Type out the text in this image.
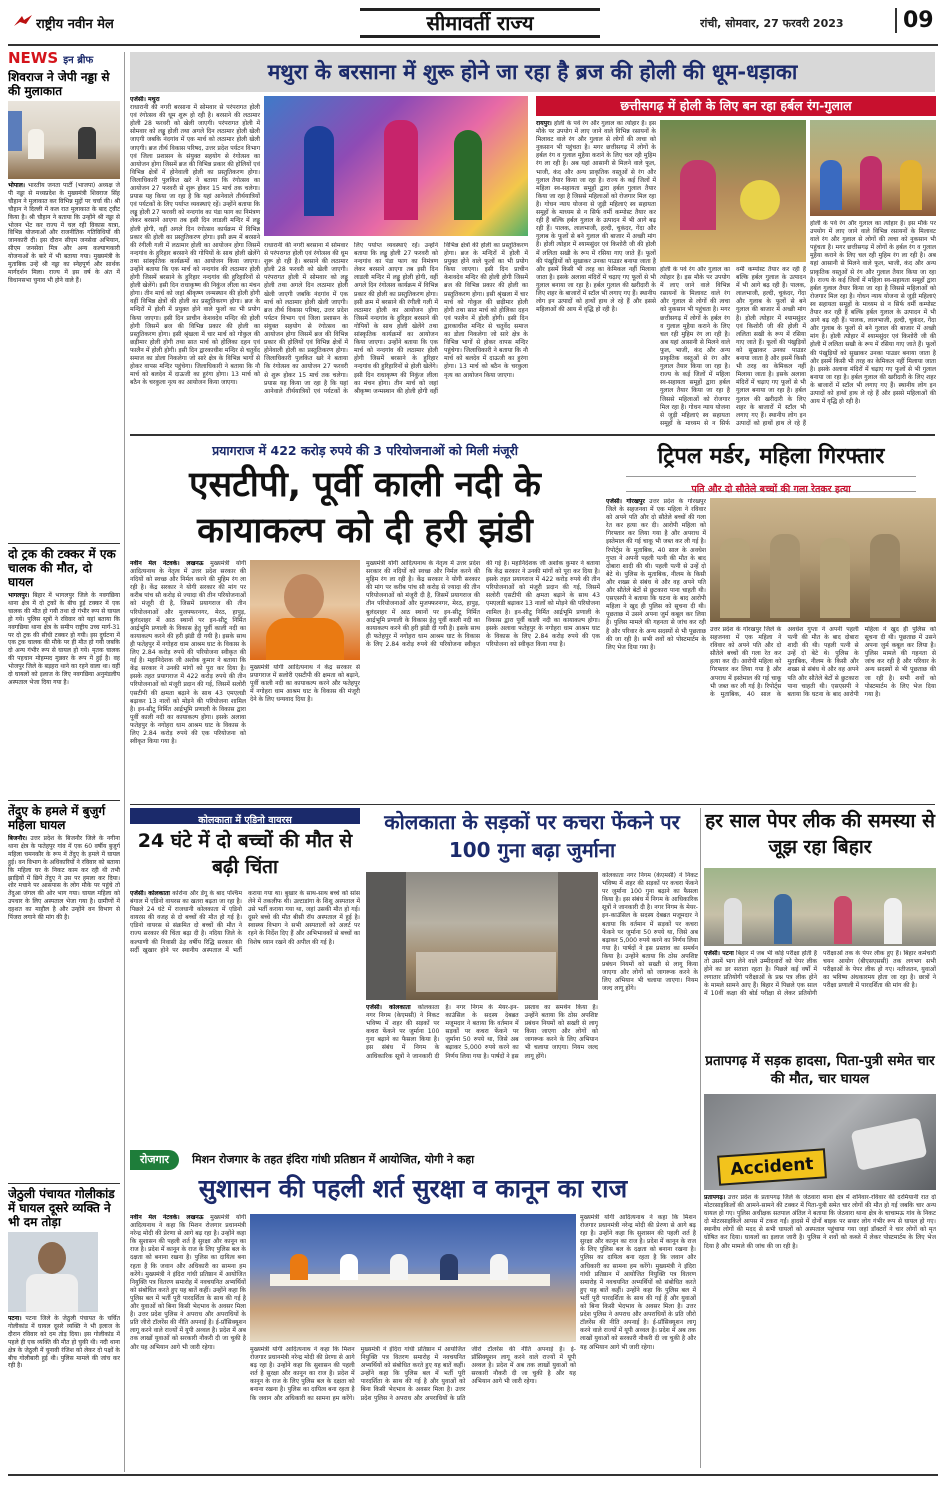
राष्ट्रीय नवीन मेल	सीमावर्ती राज्य	रांची, सोमवार, 27 फरवरी 2023	09
NEWS इन ब्रीफ
शिवराज ने जेपी नड्डा से की मुलाकात
भोपाल। भारतीय जनता पार्टी (भाजपा) अध्यक्ष जे पी नड्डा से मध्यप्रदेश के मुख्यमंत्री शिवराज सिंह चौहान ने मुलाकात कर विभिन्न मुद्दों पर चर्चा की। श्री चौहान ने दिल्ली में कल रात मुलाकात के बाद ट्वीट किया है। श्री चौहान ने बताया कि उन्होंने श्री नड्डा से भोजन भेंट कर राज्य में चल रही विकास यात्रा, विभिन्न योजनाओं और राजनीतिक गतिविधियों की जानकारी दी। इस दौरान सीएम जनसेवा अभियान, सीएम जनसेवा मित्र और अन्य कल्याणकारी योजनाओं के बारे में भी बताया गया। मुख्यमंत्री के मुताबिक उन्हें श्री नड्डा का स्नेहपूर्ण और सार्थक मार्गदर्शन मिला। राज्य में इस वर्ष के अंत में विधानसभा चुनाव भी होने वाले हैं।
दो ट्रक की टक्कर में एक चालक की मौत, दो घायल
भागलपुर। बिहार में भागलपुर जिले के नवगछिया थाना क्षेत्र में दो ट्रकों के बीच हुई टक्कर में एक चालक की मौत हो गयी तथा दो गंभीर रूप से घायल हो गये। पुलिस सूत्रों ने रविवार को यहां बताया कि नवगछिया थाना क्षेत्र के समीप राष्ट्रीय उच्च मार्ग-31 पर दो ट्रक की सीधी टक्कर हो गयी। इस दुर्घटना में एक ट्रक चालक की मौके पर ही मौत हो गयी जबकि दो अन्य गंभीर रूप से घायल हो गये। मृतक चालक की पहचान मोहम्मद मुन्नवर के रूप में हुई है। वह भोजपुर जिले के बड़हरा थाने का रहने वाला था। वहीं दो घायलों को इलाज के लिए नवगछिया अनुमंडलीय अस्पताल भेजा दिया गया है।
तेंदुए के हमले में बुजुर्ग महिला घायल
बिजनौर। उत्तर प्रदेश के बिजनौर जिले के नगीना थाना क्षेत्र के फतेहपुर गांव में एक 60 वर्षीय बुजुर्ग महिला चमनकौर के रूप में तेंदुए के हमले में घायल हुई। वन विभाग के अधिकारियों ने रविवार को बताया कि महिला घर के निकट काम कर रही थी तभी झाड़ियों में छिपे तेंदुए ने उस पर हमला कर दिया। शोर मचाने पर आसपास के लोग मौके पर पहुंचे तो तेंदुआ जंगल की ओर भाग गया। घायल महिला को उपचार के लिए अस्पताल भेजा गया है। ग्रामीणों में दहशत का माहौल है और उन्होंने वन विभाग से पिंजरा लगाने की मांग की है।
जेठुली पंचायत गोलीकांड में घायल दूसरे व्यक्ति ने भी दम तोड़ा
पटना। पटना जिले के जेठुली पंचायत के चर्चित गोलीकांड में घायल दूसरे व्यक्ति ने भी इलाज के दौरान रविवार को दम तोड़ दिया। इस गोलीकांड में पहले ही एक व्यक्ति की मौत हो चुकी थी। नदी थाना क्षेत्र के जेठुली में चुनावी रंजिश को लेकर दो पक्षों के बीच गोलीबारी हुई थी। पुलिस मामले की जांच कर रही है।
मथुरा के बरसाना में शुरू होने जा रहा है ब्रज की होली की धूम-धड़ाका
एजेंसी। मथुरा
राधारानी की नगरी बरसाना में सोमवार से परंपरागत होली एवं रंगोत्सव की धूम शुरू हो रही है। बरसाने की लठामार होली 28 फरवरी को खेली जाएगी। परंपरागत होली में सोमवार को लड्डू होली तथा अगले दिन लठामार होली खेली जाएगी जबकि नंदगांव में एक मार्च को लठामार होली खेली जाएगी। ब्रज तीर्थ विकास परिषद, उत्तर प्रदेश पर्यटन विभाग एवं जिला प्रशासन के संयुक्त सहयोग से रंगोत्सव का आयोजन होगा जिसमें ब्रज की विभिन्न प्रकार की होलियों एवं विभिन्न क्षेत्रों में होनेवाली होली का प्रस्तुतिकरण होगा। जिलाधिकारी पुलकित खरे ने बताया कि रंगोत्सव का आयोजन 27 फरवरी से शुरू होकर 15 मार्च तक चलेगा। प्रयास यह किया जा रहा है कि यहां आनेवाले तीर्थयात्रियों एवं पर्यटकों के लिए पर्याप्त व्यवस्थाएं रहें। उन्होंने बताया कि लड्डू होली 27 फरवरी को नन्दगांव का पंडा फाग का निमंत्रण लेकर बरसाने आएगा तब इसी दिन लाडली मन्दिर में लड्डू होली होगी, वहीं अगले दिन रंगोत्सव कार्यक्रम में विभिन्न प्रकार की होली का प्रस्तुतिकरण होगा। इसी क्रम में बरसाने की रंगीली गली में लठामार होली का आयोजन होगा जिसमें नन्दगांव के हुरिहार बरसाने की गोपियों के साथ होली खेलेंगे तथा सांस्कृतिक कार्यक्रमों का आयोजन किया जाएगा। उन्होंने बताया कि एक मार्च को नन्दगांव की लठामार होली होगी जिसमें बरसाने के हुरिहार नन्दगांव की हुरिहारिनों से होली खेलेंगे। इसी दिन राधाकृष्ण की निकुंज लीला का मंचन होगा। तीन मार्च को जहां श्रीकृष्ण जन्मस्थान की होली होगी वहीं विभिन्न क्षेत्रों की होली का प्रस्तुतिकरण होगा। ब्रज के मन्दिरों में होली में प्रयुक्त होने वाले फूलों का भी प्रयोग किया जाएगा। इसी दिन प्राचीन केशवदेव मन्दिर की होली होगी जिसमें ब्रज की विभिन्न प्रकार की होली का प्रस्तुतिकरण होगा। इसी श्रृंखला में चार मार्च को गोकुल की छड़ीमार होली होगी तथा सात मार्च को होलिका दहन एवं फालैन में होली होगी। इसी दिन द्वारकाधीश मन्दिर से चतुर्वेद समाज का डोला निकलेगा जो सारे क्षेत्र के विभिन्न भागों से होकर वापस मन्दिर पहुंचेगा। जिलाधिकारी ने बताया कि नौ मार्च को बलदेव में दाऊजी का हुरंगा होगा। 13 मार्च को बठैन के चरकुला नृत्य का आयोजन किया जाएगा।
राधारानी की नगरी बरसाना में सोमवार से परंपरागत होली एवं रंगोत्सव की धूम शुरू हो रही है। बरसाने की लठामार होली 28 फरवरी को खेली जाएगी। परंपरागत होली में सोमवार को लड्डू होली तथा अगले दिन लठामार होली खेली जाएगी जबकि नंदगांव में एक मार्च को लठामार होली खेली जाएगी। ब्रज तीर्थ विकास परिषद, उत्तर प्रदेश पर्यटन विभाग एवं जिला प्रशासन के संयुक्त सहयोग से रंगोत्सव का आयोजन होगा जिसमें ब्रज की विभिन्न प्रकार की होलियों एवं विभिन्न क्षेत्रों में होनेवाली होली का प्रस्तुतिकरण होगा। जिलाधिकारी पुलकित खरे ने बताया कि रंगोत्सव का आयोजन 27 फरवरी से शुरू होकर 15 मार्च तक चलेगा। प्रयास यह किया जा रहा है कि यहां आनेवाले तीर्थयात्रियों एवं पर्यटकों के लिए पर्याप्त व्यवस्थाएं रहें। उन्होंने बताया कि लड्डू होली 27 फरवरी को नन्दगांव का पंडा फाग का निमंत्रण लेकर बरसाने आएगा तब इसी दिन लाडली मन्दिर में लड्डू होली होगी, वहीं अगले दिन रंगोत्सव कार्यक्रम में विभिन्न प्रकार की होली का प्रस्तुतिकरण होगा। इसी क्रम में बरसाने की रंगीली गली में लठामार होली का आयोजन होगा जिसमें नन्दगांव के हुरिहार बरसाने की गोपियों के साथ होली खेलेंगे तथा सांस्कृतिक कार्यक्रमों का आयोजन किया जाएगा। उन्होंने बताया कि एक मार्च को नन्दगांव की लठामार होली होगी जिसमें बरसाने के हुरिहार नन्दगांव की हुरिहारिनों से होली खेलेंगे। इसी दिन राधाकृष्ण की निकुंज लीला का मंचन होगा। तीन मार्च को जहां श्रीकृष्ण जन्मस्थान की होली होगी वहीं विभिन्न क्षेत्रों की होली का प्रस्तुतिकरण होगा। ब्रज के मन्दिरों में होली में प्रयुक्त होने वाले फूलों का भी प्रयोग किया जाएगा। इसी दिन प्राचीन केशवदेव मन्दिर की होली होगी जिसमें ब्रज की विभिन्न प्रकार की होली का प्रस्तुतिकरण होगा। इसी श्रृंखला में चार मार्च को गोकुल की छड़ीमार होली होगी तथा सात मार्च को होलिका दहन एवं फालैन में होली होगी। इसी दिन द्वारकाधीश मन्दिर से चतुर्वेद समाज का डोला निकलेगा जो सारे क्षेत्र के विभिन्न भागों से होकर वापस मन्दिर पहुंचेगा। जिलाधिकारी ने बताया कि नौ मार्च को बलदेव में दाऊजी का हुरंगा होगा। 13 मार्च को बठैन के चरकुला नृत्य का आयोजन किया जाएगा।
छत्तीसगढ़ में होली के लिए बन रहा हर्बल रंग-गुलाल
रायपुर। होली के पर्व रंग और गुलाल का त्योहार है। इस मौके पर उपयोग में लाए जाने वाले विभिन्न रसायनों के मिलावट वाले रंग और गुलाल से लोगों की त्वचा को नुकसान भी पहुंचता है। मगर छत्तीसगढ़ में लोगों के हर्बल रंग व गुलाल मुहैया कराने के लिए चल रही मुहिम रंग ला रही है। अब यहां आसानी से मिलने वाले फूल, भाजी, कंद और अन्य प्राकृतिक वस्तुओं से रंग और गुलाल तैयार किया जा रहा है। राज्य के कई जिलों में महिला स्व-सहायता समूहों द्वारा हर्बल गुलाल तैयार किया जा रहा है जिससे महिलाओं को रोजगार मिल रहा है। गोधन न्याय योजना से जुड़ी महिलाएं स्व सहायता समूहों के माध्यम से न सिर्फ वर्मी कम्पोस्ट तैयार कर रही हैं बल्कि हर्बल गुलाल के उत्पादन में भी आगे बढ़ रही हैं। पालक, लालभाजी, हल्दी, चुकंदर, गेंदा और गुलाब के फूलों से बने गुलाल की बाजार में अच्छी मांग है। होली त्योहार में श्यामसुंदर एवं किशोरी जी की होली में ललिता सखी के रूप में रसिया गाए जाते हैं। फूलों की पंखुड़ियों को सुखाकर उनका पाउडर बनाया जाता है और इसमें किसी भी तरह का केमिकल नहीं मिलाया जाता है। इसके अलावा मंदिरों में चढ़ाए गए फूलों से भी गुलाल बनाया जा रहा है। हर्बल गुलाल की खरीदारी के लिए शहर के बाजारों में स्टॉल भी लगाए गए हैं। स्थानीय लोग इन उत्पादों को हाथों हाथ ले रहे हैं और इससे महिलाओं की आय में वृद्धि हो रही है।
होली के पर्व रंग और गुलाल का त्योहार है। इस मौके पर उपयोग में लाए जाने वाले विभिन्न रसायनों के मिलावट वाले रंग और गुलाल से लोगों की त्वचा को नुकसान भी पहुंचता है। मगर छत्तीसगढ़ में लोगों के हर्बल रंग व गुलाल मुहैया कराने के लिए चल रही मुहिम रंग ला रही है। अब यहां आसानी से मिलने वाले फूल, भाजी, कंद और अन्य प्राकृतिक वस्तुओं से रंग और गुलाल तैयार किया जा रहा है। राज्य के कई जिलों में महिला स्व-सहायता समूहों द्वारा हर्बल गुलाल तैयार किया जा रहा है जिससे महिलाओं को रोजगार मिल रहा है। गोधन न्याय योजना से जुड़ी महिलाएं स्व सहायता समूहों के माध्यम से न सिर्फ वर्मी कम्पोस्ट तैयार कर रही हैं बल्कि हर्बल गुलाल के उत्पादन में भी आगे बढ़ रही हैं। पालक, लालभाजी, हल्दी, चुकंदर, गेंदा और गुलाब के फूलों से बने गुलाल की बाजार में अच्छी मांग है। होली त्योहार में श्यामसुंदर एवं किशोरी जी की होली में ललिता सखी के रूप में रसिया गाए जाते हैं। फूलों की पंखुड़ियों को सुखाकर उनका पाउडर बनाया जाता है और इसमें किसी भी तरह का केमिकल नहीं मिलाया जाता है। इसके अलावा मंदिरों में चढ़ाए गए फूलों से भी गुलाल बनाया जा रहा है। हर्बल गुलाल की खरीदारी के लिए शहर के बाजारों में स्टॉल भी लगाए गए हैं। स्थानीय लोग इन उत्पादों को हाथों हाथ ले रहे हैं और इससे महिलाओं की आय में वृद्धि हो रही है।
होली के पर्व रंग और गुलाल का त्योहार है। इस मौके पर उपयोग में लाए जाने वाले विभिन्न रसायनों के मिलावट वाले रंग और गुलाल से लोगों की त्वचा को नुकसान भी पहुंचता है। मगर छत्तीसगढ़ में लोगों के हर्बल रंग व गुलाल मुहैया कराने के लिए चल रही मुहिम रंग ला रही है। अब यहां आसानी से मिलने वाले फूल, भाजी, कंद और अन्य प्राकृतिक वस्तुओं से रंग और गुलाल तैयार किया जा रहा है। राज्य के कई जिलों में महिला स्व-सहायता समूहों द्वारा हर्बल गुलाल तैयार किया जा रहा है जिससे महिलाओं को रोजगार मिल रहा है। गोधन न्याय योजना से जुड़ी महिलाएं स्व सहायता समूहों के माध्यम से न सिर्फ वर्मी कम्पोस्ट तैयार कर रही हैं बल्कि हर्बल गुलाल के उत्पादन में भी आगे बढ़ रही हैं। पालक, लालभाजी, हल्दी, चुकंदर, गेंदा और गुलाब के फूलों से बने गुलाल की बाजार में अच्छी मांग है। होली त्योहार में श्यामसुंदर एवं किशोरी जी की होली में ललिता सखी के रूप में रसिया गाए जाते हैं। फूलों की पंखुड़ियों को सुखाकर उनका पाउडर बनाया जाता है और इसमें किसी भी तरह का केमिकल नहीं मिलाया जाता है। इसके अलावा मंदिरों में चढ़ाए गए फूलों से भी गुलाल बनाया जा रहा है। हर्बल गुलाल की खरीदारी के लिए शहर के बाजारों में स्टॉल भी लगाए गए हैं। स्थानीय लोग इन उत्पादों को हाथों हाथ ले रहे हैं
प्रयागराज में 422 करोड़ रुपये की 3 परियोजनाओं को मिली मंजूरी
एसटीपी, पूर्वी काली नदी के कायाकल्प को दी हरी झंडी
नवीन मेल नेटवर्क। लखनऊ मुख्यमंत्री योगी आदित्यनाथ के नेतृत्व में उत्तर प्रदेश सरकार की नदियों को स्वच्छ और निर्मल करने की मुहिम रंग ला रही है। केंद्र सरकार ने योगी सरकार की मांग पर करीब पांच सौ करोड़ से ज्यादा की तीन परियोजनाओं को मंजूरी दी है, जिसमें प्रयागराज की तीन परियोजनाओं और मुजफ्फरनगर, मेरठ, हापुड़, बुलंदशहर में आठ स्थानों पर इन-सीटू निर्मित आर्द्रभूमि प्रणाली के विकास हेतु पूर्वी काली नदी का कायाकल्प करने की हरी झंडी दी गयी है। इसके साथ ही फतेहपुर में नगोहरा धाम आश्रम घाट के विकास के लिए 2.84 करोड़ रुपये की परियोजना स्वीकृत की गई है। महानिदेशक जी अशोक कुमार ने बताया कि केंद्र सरकार ने उनकी मांगों को पूरा कर दिया है। इसके तहत प्रयागराज में 422 करोड़ रुपये की तीन परियोजनाओं को मंजूरी प्रदान की गई, जिसमें सलोरी एसटीपी की क्षमता बढ़ाने के साथ 43 एमएलडी बढ़ाकर 13 नालों को मोड़ने की परियोजना शामिल है। इन-सीटू निर्मित आर्द्रभूमि प्रणाली के विकास द्वारा पूर्वी काली नदी का कायाकल्प होगा। इसके अलावा फतेहपुर के नगोहरा धाम आश्रम घाट के विकास के लिए 2.84 करोड़ रुपये की एक परियोजना को स्वीकृत किया गया है।
मुख्यमंत्री योगी आदित्यनाथ ने केंद्र सरकार से प्रयागराज में सलोरी एसटीपी की क्षमता को बढ़ाने, पूर्वी काली नदी का कायाकल्प करने और फतेहपुर में नगोहरा धाम आश्रम घाट के विकास की मंजूरी देने के लिए धन्यवाद दिया है।
मुख्यमंत्री योगी आदित्यनाथ के नेतृत्व में उत्तर प्रदेश सरकार की नदियों को स्वच्छ और निर्मल करने की मुहिम रंग ला रही है। केंद्र सरकार ने योगी सरकार की मांग पर करीब पांच सौ करोड़ से ज्यादा की तीन परियोजनाओं को मंजूरी दी है, जिसमें प्रयागराज की तीन परियोजनाओं और मुजफ्फरनगर, मेरठ, हापुड़, बुलंदशहर में आठ स्थानों पर इन-सीटू निर्मित आर्द्रभूमि प्रणाली के विकास हेतु पूर्वी काली नदी का कायाकल्प करने की हरी झंडी दी गयी है। इसके साथ ही फतेहपुर में नगोहरा धाम आश्रम घाट के विकास के लिए 2.84 करोड़ रुपये की परियोजना स्वीकृत की गई है। महानिदेशक जी अशोक कुमार ने बताया कि केंद्र सरकार ने उनकी मांगों को पूरा कर दिया है। इसके तहत प्रयागराज में 422 करोड़ रुपये की तीन परियोजनाओं को मंजूरी प्रदान की गई, जिसमें सलोरी एसटीपी की क्षमता बढ़ाने के साथ 43 एमएलडी बढ़ाकर 13 नालों को मोड़ने की परियोजना शामिल है। इन-सीटू निर्मित आर्द्रभूमि प्रणाली के विकास द्वारा पूर्वी काली नदी का कायाकल्प होगा। इसके अलावा फतेहपुर के नगोहरा धाम आश्रम घाट के विकास के लिए 2.84 करोड़ रुपये की एक परियोजना को स्वीकृत किया गया है।
ट्रिपल मर्डर, महिला गिरफ्तार
पति और दो सौतेले बच्चों की गला रेतकर हत्या
एजेंसी। गोरखपुर उत्तर प्रदेश के गोरखपुर जिले के सहजनवा में एक महिला ने रविवार को अपने पति और दो सौतेले बच्चों की गला रेत कर हत्या कर दी। आरोपी महिला को गिरफ्तार कर लिया गया है और अपराध में इस्तेमाल की गई चाकू भी जब्त कर ली गई है। रिपोर्ट्स के मुताबिक, 40 साल के अवधेश गुप्ता ने अपनी पहली पत्नी की मौत के बाद दोबारा शादी की थी। पहली पत्नी से उन्हें दो बेटे थे। पुलिस के मुताबिक, नीलम के किसी और शख्स से संबंध थे और वह अपने पति और सौतेले बेटों से छुटकारा पाना चाहती थी। एसएसपी ने बताया कि घटना के बाद आरोपी महिला ने खुद ही पुलिस को सूचना दी थी। पूछताछ में उसने अपना जुर्म कबूल कर लिया है। पुलिस मामले की गहनता से जांच कर रही है और परिवार के अन्य सदस्यों से भी पूछताछ की जा रही है। सभी शवों को पोस्टमार्टम के लिए भेज दिया गया है।
उत्तर प्रदेश के गोरखपुर जिले के सहजनवा में एक महिला ने रविवार को अपने पति और दो सौतेले बच्चों की गला रेत कर हत्या कर दी। आरोपी महिला को गिरफ्तार कर लिया गया है और अपराध में इस्तेमाल की गई चाकू भी जब्त कर ली गई है। रिपोर्ट्स के मुताबिक, 40 साल के अवधेश गुप्ता ने अपनी पहली पत्नी की मौत के बाद दोबारा शादी की थी। पहली पत्नी से उन्हें दो बेटे थे। पुलिस के मुताबिक, नीलम के किसी और शख्स से संबंध थे और वह अपने पति और सौतेले बेटों से छुटकारा पाना चाहती थी। एसएसपी ने बताया कि घटना के बाद आरोपी महिला ने खुद ही पुलिस को सूचना दी थी। पूछताछ में उसने अपना जुर्म कबूल कर लिया है। पुलिस मामले की गहनता से जांच कर रही है और परिवार के अन्य सदस्यों से भी पूछताछ की जा रही है। सभी शवों को पोस्टमार्टम के लिए भेज दिया गया है।
कोलकाता में एडिनो वायरस
24 घंटे में दो बच्चों की मौत से बढ़ी चिंता
एजेंसी। कोलकाता कोरोना और डेंगू के बाद पश्चिम बंगाल में एडिनो वायरस का खतरा बढ़ता जा रहा है। पिछले 24 घंटे में राजधानी कोलकाता में एडिनो वायरस की वजह से दो बच्चों की मौत हो गई है। एडिनो वायरस से संक्रमित दो बच्चों की मौत ने राज्य सरकार की चिंता बढ़ा दी है। नदिया जिले के कल्याणी की निवासी ढेड़ वर्षीय रिद्धि सरकार की सर्दी खुखार होने पर स्थानीय अस्पताल में भर्ती कराया गया था। बुखार के साथ-साथ बच्चे को सांस लेने में तकलीफ थी। उल्टाडांगा के शिशु अस्पताल में उसे भर्ती कराया गया था, जहां उसकी मौत हो गई। दूसरे बच्चे की मौत बीसी रॉय अस्पताल में हुई है। स्वास्थ्य विभाग ने सभी अस्पतालों को अलर्ट पर रहने के निर्देश दिए हैं और अभिभावकों से बच्चों का विशेष ध्यान रखने की अपील की गई है।
कोलकाता के सड़कों पर कचरा फेंकने पर 100 गुना बढ़ा जुर्माना
एजेंसी। कोलकाता कोलकाता नगर निगम (केएमसी) ने निकट भविष्य में शहर की सड़कों पर कचरा फेंकने पर जुर्माना 100 गुना बढ़ाने का फैसला किया है। इस संबंध में निगम के आधिकारिक सूत्रों ने जानकारी दी है। नगर निगम के मेयर-इन-काउंसिल के सदस्य देबब्रत मजूमदार ने बताया कि वर्तमान में सड़कों पर कचरा फेंकने पर जुर्माना 50 रुपये था, जिसे अब बढ़ाकर 5,000 रुपये करने का निर्णय लिया गया है। पार्षदों ने इस प्रस्ताव का समर्थन किया है। उन्होंने बताया कि ठोस अपशिष्ट प्रबंधन नियमों को सख्ती से लागू किया जाएगा और लोगों को जागरूक करने के लिए अभियान भी चलाया जाएगा। नियम जल्द लागू होंगे।
कोलकाता नगर निगम (केएमसी) ने निकट भविष्य में शहर की सड़कों पर कचरा फेंकने पर जुर्माना 100 गुना बढ़ाने का फैसला किया है। इस संबंध में निगम के आधिकारिक सूत्रों ने जानकारी दी है। नगर निगम के मेयर-इन-काउंसिल के सदस्य देबब्रत मजूमदार ने बताया कि वर्तमान में सड़कों पर कचरा फेंकने पर जुर्माना 50 रुपये था, जिसे अब बढ़ाकर 5,000 रुपये करने का निर्णय लिया गया है। पार्षदों ने इस प्रस्ताव का समर्थन किया है। उन्होंने बताया कि ठोस अपशिष्ट प्रबंधन नियमों को सख्ती से लागू किया जाएगा और लोगों को जागरूक करने के लिए अभियान भी चलाया जाएगा। नियम जल्द लागू होंगे।
हर साल पेपर लीक की समस्या से जूझ रहा बिहार
एजेंसी। पटना बिहार में जब भी कोई परीक्षा होती है तो उसमें भाग लेने वाले उम्मीदवारों को पेपर लीक होने का डर सताता रहता है। पिछले कई वर्षों में लगातार प्रतियोगी परीक्षाओं के प्रश्न पत्र लीक होने के मामले सामने आए हैं। बिहार में पिछले एक साल में 10वीं कक्षा की बोर्ड परीक्षा से लेकर प्रतियोगी परीक्षाओं तक के पेपर लीक हुए हैं। बिहार कर्मचारी चयन आयोग (बीएसएससी) तक लगभग सभी परीक्षाओं के पेपर लीक हो गए। नतीजतन, युवाओं का भविष्य अंधकारमय होता जा रहा है। छात्रों ने परीक्षा प्रणाली में पारदर्शिता की मांग की है।
प्रतापगढ़ में सड़क हादसा, पिता-पुत्री समेत चार की मौत, चार घायल
Accident
प्रतापगढ़। उत्तर प्रदेश के प्रतापगढ़ जिले के जेठवारा थाना क्षेत्र में शनिवार-रविवार की दरमियानी रात दो मोटरसाइकिलों की आमने-सामने की टक्कर में पिता-पुत्री समेत चार लोगों की मौत हो गई जबकि चार अन्य घायल हो गए। पुलिस अधीक्षक सतपाल अंतिल ने बताया कि जेठवारा थाना क्षेत्र के चाचामऊ गांव के निकट दो मोटरसाइकिलें आपस में टकरा गईं। हादसे में दोनों बाइक पर सवार लोग गंभीर रूप से घायल हो गए। स्थानीय लोगों की मदद से सभी घायलों को अस्पताल पहुंचाया गया जहां डॉक्टरों ने चार लोगों को मृत घोषित कर दिया। घायलों का इलाज जारी है। पुलिस ने शवों को कब्जे में लेकर पोस्टमार्टम के लिए भेज दिया है और मामले की जांच की जा रही है।
रोजगार मिशन रोजगार के तहत इंदिरा गांधी प्रतिष्ठान में आयोजित, योगी ने कहा
सुशासन की पहली शर्त सुरक्षा व कानून का राज
नवीन मेल नेटवर्क। लखनऊ मुख्यमंत्री योगी आदित्यनाथ ने कहा कि मिशन रोजगार प्रधानमंत्री नरेन्द्र मोदी की प्रेरणा से आगे बढ़ रहा है। उन्होंने कहा कि सुशासन की पहली शर्त है सुरक्षा और कानून का राज है। प्रदेश में कानून के राज के लिए पुलिस बल के दक्षता को बनाना रखना है। पुलिस का दायित्व बना रहता है कि जवान और अधिकारी का सामना हम करेंगे। मुख्यमंत्री ने इंदिरा गांधी प्रतिष्ठान में आयोजित नियुक्ति पत्र वितरण समारोह में नवचयनित अभ्यर्थियों को संबोधित करते हुए यह बातें कहीं। उन्होंने कहा कि पुलिस बल में भर्ती पूरी पारदर्शिता के साथ की गई है और युवाओं को बिना किसी भेदभाव के अवसर मिला है। उत्तर प्रदेश पुलिस ने अपराध और अपराधियों के प्रति जीरो टॉलरेंस की नीति अपनाई है। ई-प्रॉसिक्यूशन लागू करने वाले राज्यों में यूपी अव्वल है। प्रदेश में अब तक लाखों युवाओं को सरकारी नौकरी दी जा चुकी है और यह अभियान आगे भी जारी रहेगा।	मुख्यमंत्री योगी आदित्यनाथ ने कहा कि मिशन रोजगार प्रधानमंत्री नरेन्द्र मोदी की प्रेरणा से आगे बढ़ रहा है। उन्होंने कहा कि सुशासन की पहली शर्त है सुरक्षा और कानून का राज है। प्रदेश में कानून के राज के लिए पुलिस बल के दक्षता को बनाना रखना है। पुलिस का दायित्व बना रहता है कि जवान और अधिकारी का सामना हम करेंगे। मुख्यमंत्री ने इंदिरा गांधी प्रतिष्ठान में आयोजित नियुक्ति पत्र वितरण समारोह में नवचयनित अभ्यर्थियों को संबोधित करते हुए यह बातें कहीं। उन्होंने कहा कि पुलिस बल में भर्ती पूरी पारदर्शिता के साथ की गई है और युवाओं को बिना किसी भेदभाव के अवसर मिला है। उत्तर प्रदेश पुलिस ने अपराध और अपराधियों के प्रति जीरो टॉलरेंस की नीति अपनाई है। ई-प्रॉसिक्यूशन लागू करने वाले राज्यों में यूपी अव्वल है। प्रदेश में अब तक लाखों युवाओं को सरकारी नौकरी दी जा चुकी है और यह अभियान आगे भी जारी रहेगा।
मुख्यमंत्री योगी आदित्यनाथ ने कहा कि मिशन रोजगार प्रधानमंत्री नरेन्द्र मोदी की प्रेरणा से आगे बढ़ रहा है। उन्होंने कहा कि सुशासन की पहली शर्त है सुरक्षा और कानून का राज है। प्रदेश में कानून के राज के लिए पुलिस बल के दक्षता को बनाना रखना है। पुलिस का दायित्व बना रहता है कि जवान और अधिकारी का सामना हम करेंगे। मुख्यमंत्री ने इंदिरा गांधी प्रतिष्ठान में आयोजित नियुक्ति पत्र वितरण समारोह में नवचयनित अभ्यर्थियों को संबोधित करते हुए यह बातें कहीं। उन्होंने कहा कि पुलिस बल में भर्ती पूरी पारदर्शिता के साथ की गई है और युवाओं को बिना किसी भेदभाव के अवसर मिला है। उत्तर प्रदेश पुलिस ने अपराध और अपराधियों के प्रति जीरो टॉलरेंस की नीति अपनाई है। ई-प्रॉसिक्यूशन लागू करने वाले राज्यों में यूपी अव्वल है। प्रदेश में अब तक लाखों युवाओं को सरकारी नौकरी दी जा चुकी है और यह अभियान आगे भी जारी रहेगा।
